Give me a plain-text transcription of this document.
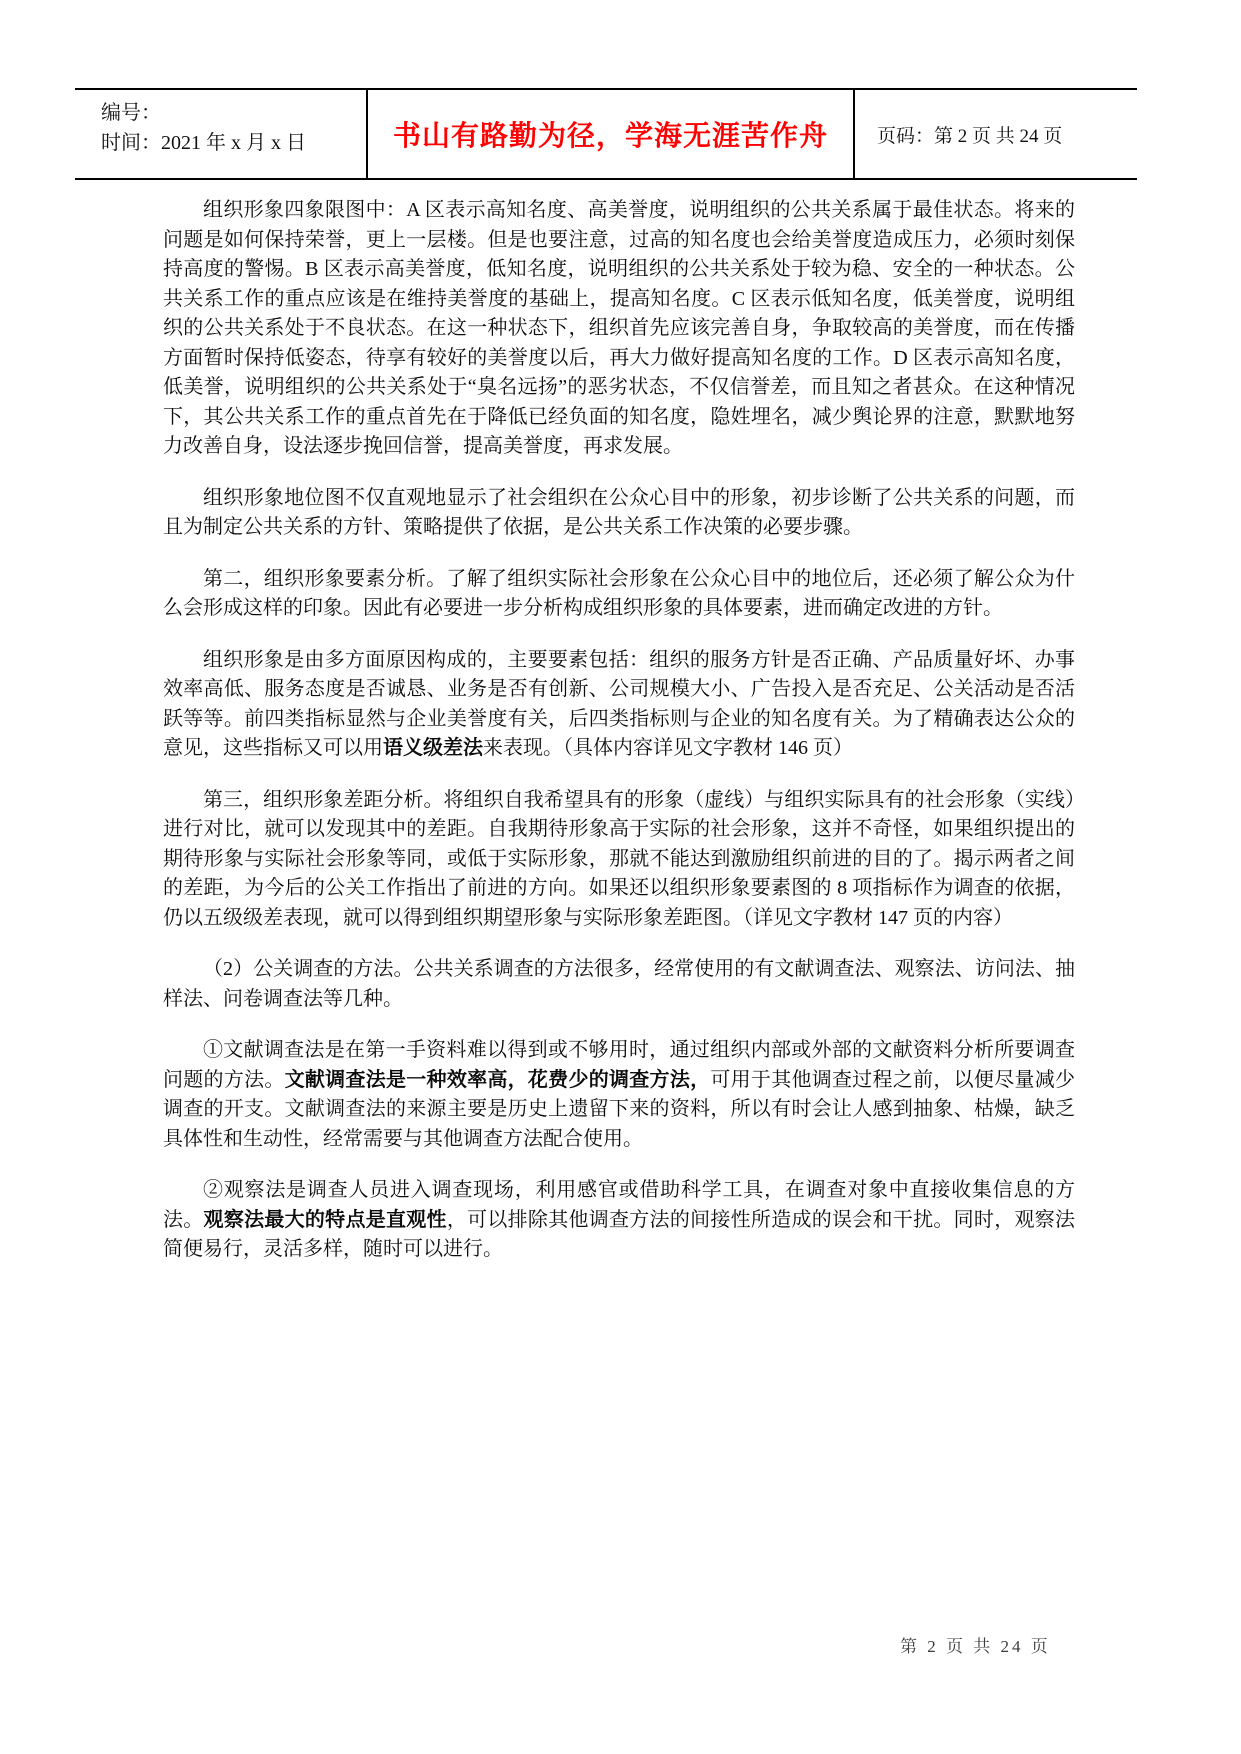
编号：
时间：2021 年 x 月 x 日	书山有路勤为径，学海无涯苦作舟	页码：第 2 页 共 24 页

组织形象四象限图中：A 区表示高知名度、高美誉度，说明组织的公共关系属于最佳状态。将来的问题是如何保持荣誉，更上一层楼。但是也要注意，过高的知名度也会给美誉度造成压力，必须时刻保持高度的警惕。B 区表示高美誉度，低知名度，说明组织的公共关系处于较为稳、安全的一种状态。公共关系工作的重点应该是在维持美誉度的基础上，提高知名度。C 区表示低知名度，低美誉度，说明组织的公共关系处于不良状态。在这一种状态下，组织首先应该完善自身，争取较高的美誉度，而在传播方面暂时保持低姿态，待享有较好的美誉度以后，再大力做好提高知名度的工作。D 区表示高知名度，低美誉，说明组织的公共关系处于“臭名远扬”的恶劣状态，不仅信誉差，而且知之者甚众。在这种情况下，其公共关系工作的重点首先在于降低已经负面的知名度，隐姓埋名，减少舆论界的注意，默默地努力改善自身，设法逐步挽回信誉，提高美誉度，再求发展。

组织形象地位图不仅直观地显示了社会组织在公众心目中的形象，初步诊断了公共关系的问题，而且为制定公共关系的方针、策略提供了依据，是公共关系工作决策的必要步骤。

第二，组织形象要素分析。了解了组织实际社会形象在公众心目中的地位后，还必须了解公众为什么会形成这样的印象。因此有必要进一步分析构成组织形象的具体要素，进而确定改进的方针。

组织形象是由多方面原因构成的，主要要素包括：组织的服务方针是否正确、产品质量好坏、办事效率高低、服务态度是否诚恳、业务是否有创新、公司规模大小、广告投入是否充足、公关活动是否活跃等等。前四类指标显然与企业美誉度有关，后四类指标则与企业的知名度有关。为了精确表达公众的意见，这些指标又可以用语义级差法来表现。（具体内容详见文字教材 146 页）

第三，组织形象差距分析。将组织自我希望具有的形象（虚线）与组织实际具有的社会形象（实线）进行对比，就可以发现其中的差距。自我期待形象高于实际的社会形象，这并不奇怪，如果组织提出的期待形象与实际社会形象等同，或低于实际形象，那就不能达到激励组织前进的目的了。揭示两者之间的差距，为今后的公关工作指出了前进的方向。如果还以组织形象要素图的 8 项指标作为调查的依据，仍以五级级差表现，就可以得到组织期望形象与实际形象差距图。（详见文字教材 147 页的内容）

（2）公关调查的方法。公共关系调查的方法很多，经常使用的有文献调查法、观察法、访问法、抽样法、问卷调查法等几种。

①文献调查法是在第一手资料难以得到或不够用时，通过组织内部或外部的文献资料分析所要调查问题的方法。文献调查法是一种效率高，花费少的调查方法，可用于其他调查过程之前，以便尽量减少调查的开支。文献调查法的来源主要是历史上遗留下来的资料，所以有时会让人感到抽象、枯燥，缺乏具体性和生动性，经常需要与其他调查方法配合使用。

②观察法是调查人员进入调查现场，利用感官或借助科学工具，在调查对象中直接收集信息的方法。观察法最大的特点是直观性，可以排除其他调查方法的间接性所造成的误会和干扰。同时，观察法简便易行，灵活多样，随时可以进行。

第 2 页 共 24 页
